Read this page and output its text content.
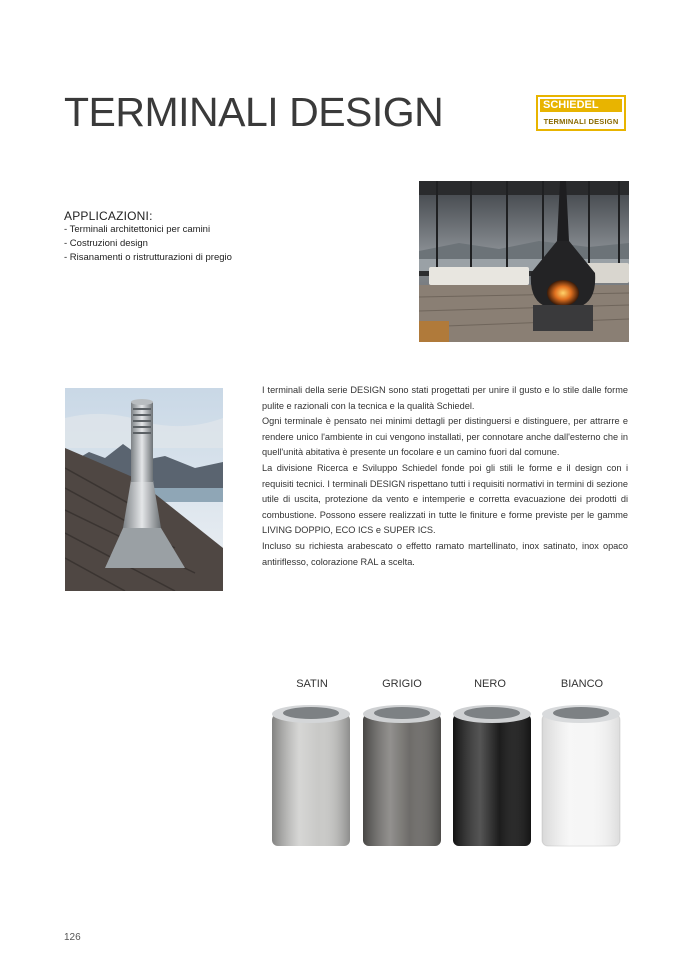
TERMINALI DESIGN	SCHIEDEL
TERMINALI DESIGN
APPLICAZIONI:
- Terminali architettonici per camini
- Costruzioni design
- Risanamenti o ristrutturazioni di pregio

I terminali della serie DESIGN sono stati progettati per unire il gusto e lo stile dalle forme pulite e razionali con la tecnica e la qualità Schiedel.

Ogni terminale è pensato nei minimi dettagli per distinguersi e distinguere, per attrarre e rendere unico l'ambiente in cui vengono installati, per connotare anche dall'esterno che in quell'unità abitativa è presente un focolare e un camino fuori dal comune.

La divisione Ricerca e Sviluppo Schiedel fonde poi gli stili le forme e il design con i requisiti tecnici. I terminali DESIGN rispettano tutti i requisiti normativi in termini di sezione utile di uscita, protezione da vento e intemperie e corretta evacuazione dei prodotti di combustione. Possono essere realizzati in tutte le finiture e forme previste per le gamme LIVING DOPPIO, ECO ICS e SUPER ICS.

Incluso su richiesta arabescato o effetto ramato martellinato, inox satinato, inox opaco antiriflesso, colorazione RAL a scelta.

SATIN	GRIGIO	NERO	BIANCO
126
